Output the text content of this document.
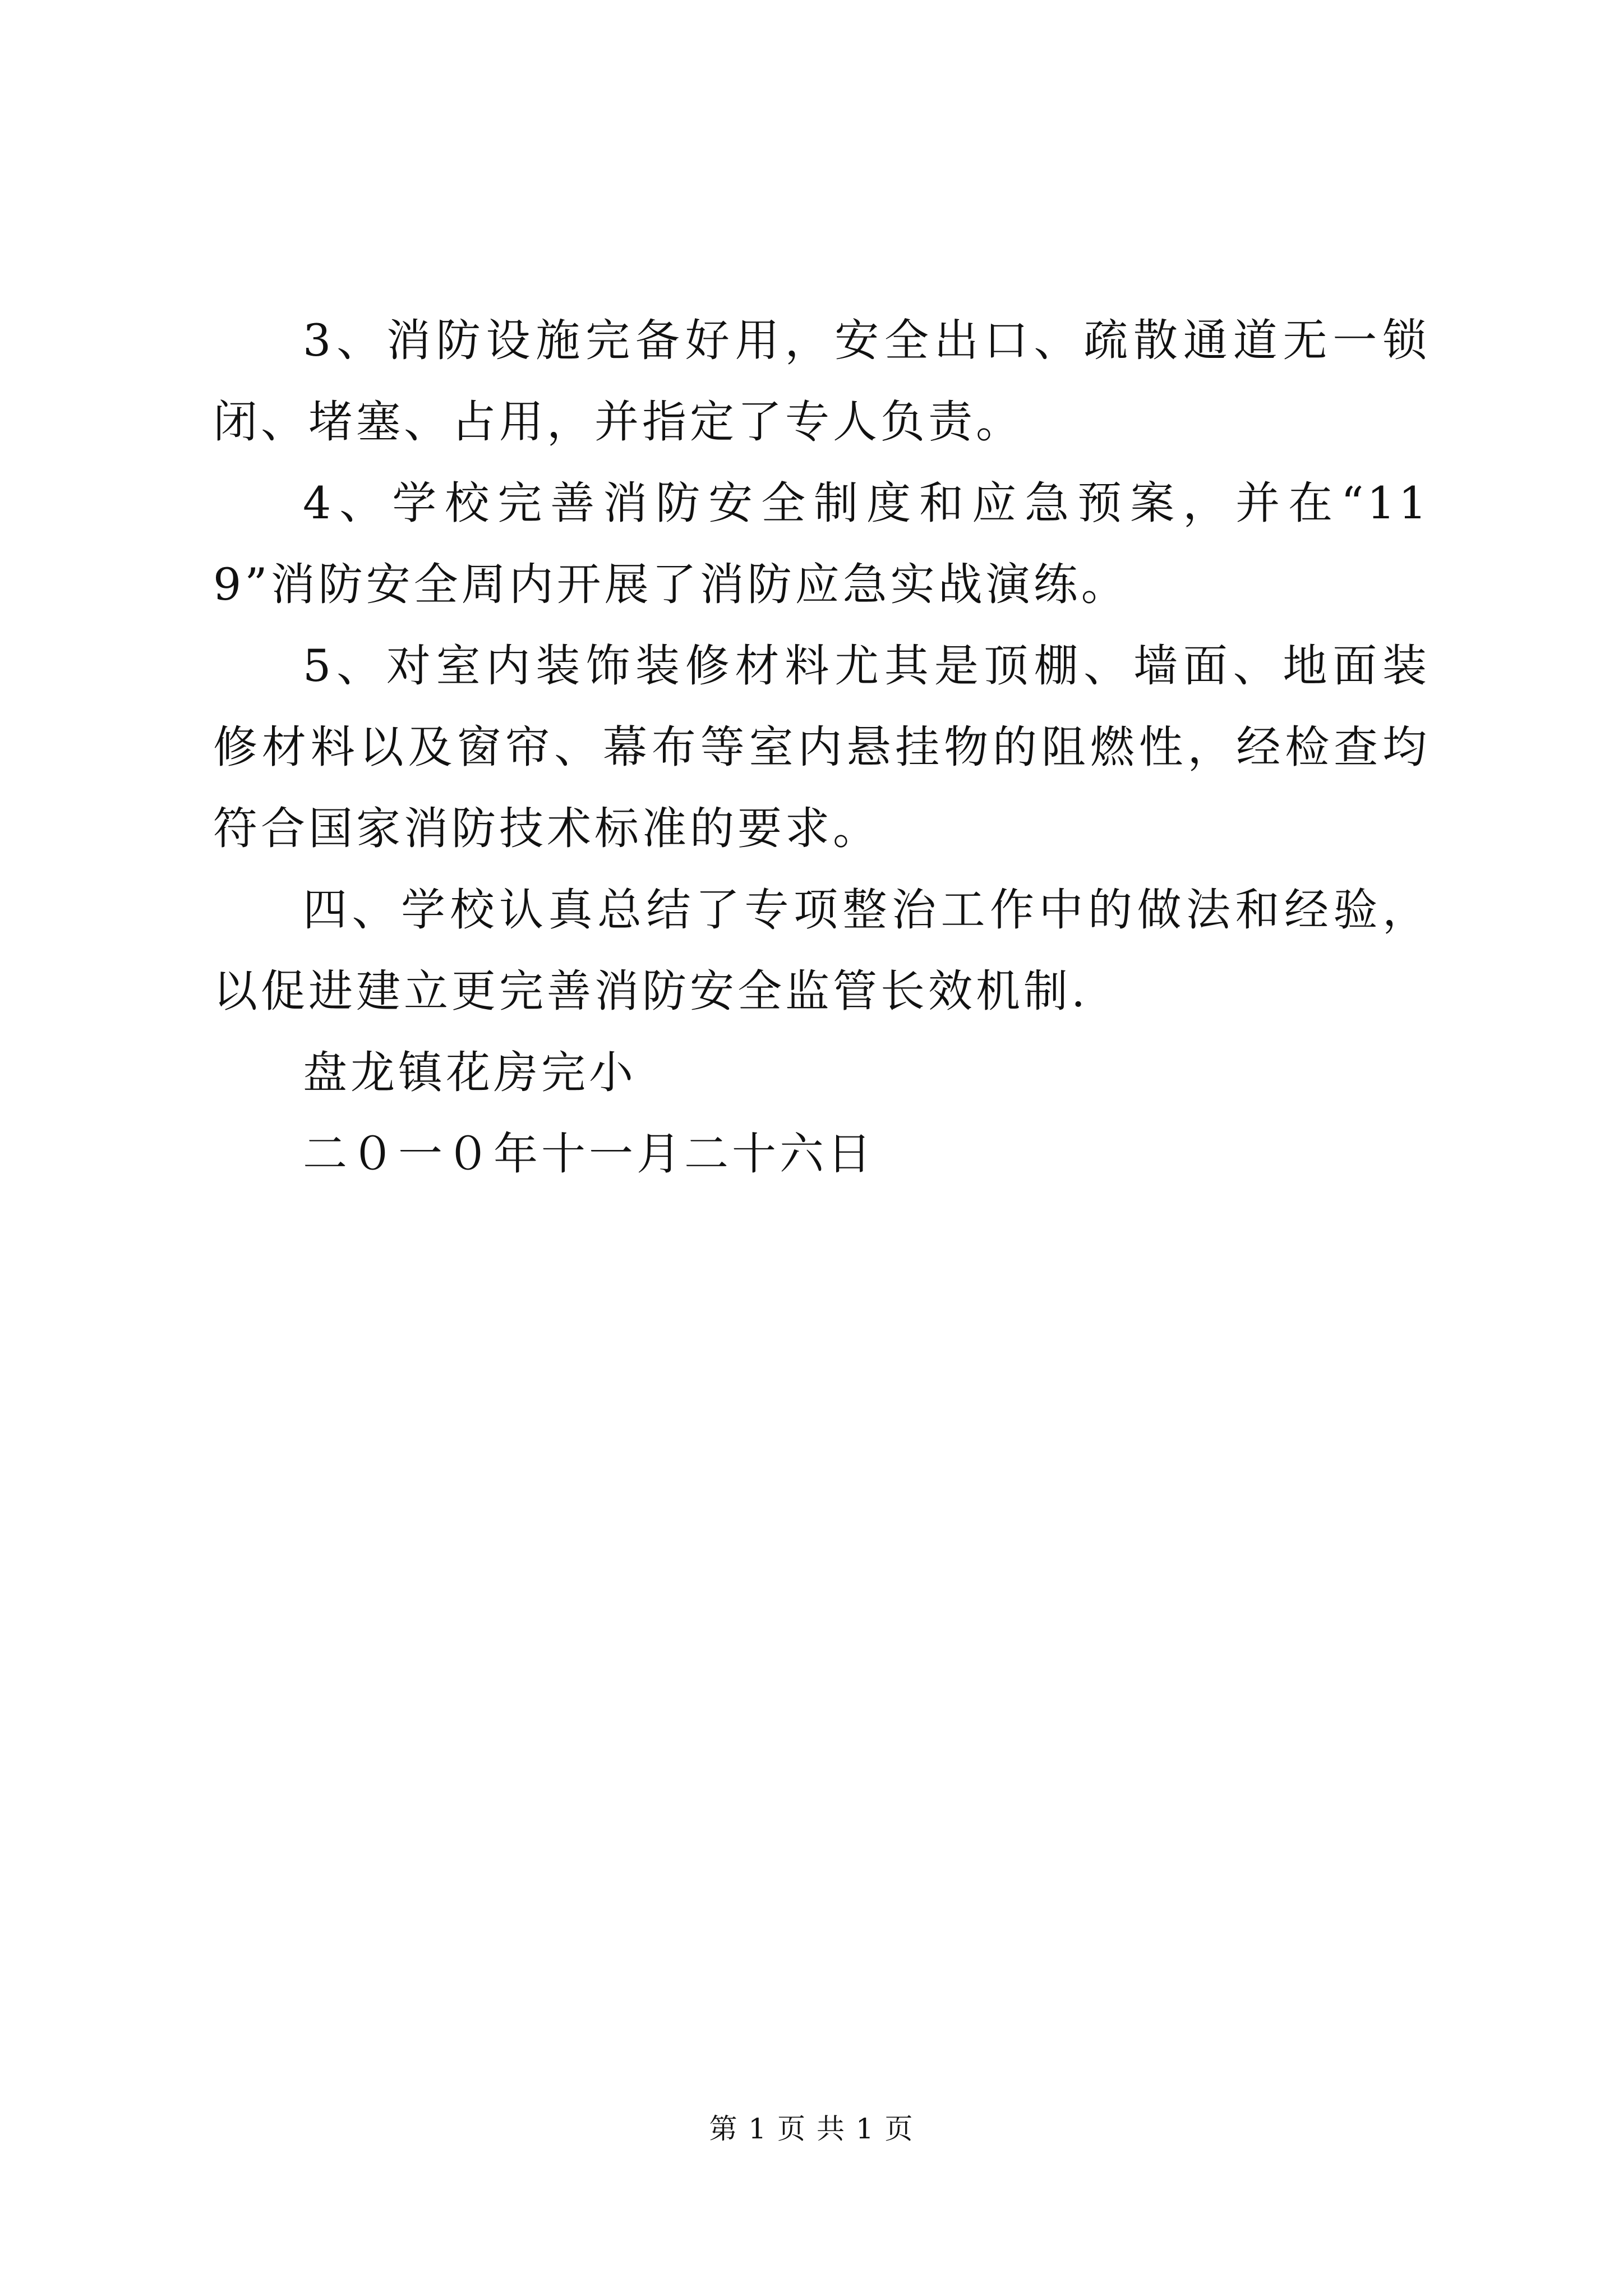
3、消防设施完备好用，安全出口、疏散通道无一锁闭、堵塞、占用，并指定了专人负责。

4、学校完善消防安全制度和应急预案，并在“119”消防安全周内开展了消防应急实战演练。

5、对室内装饰装修材料尤其是顶棚、墙面、地面装修材料以及窗帘、幕布等室内悬挂物的阻燃性，经检查均符合国家消防技术标准的要求。

四、学校认真总结了专项整治工作中的做法和经验，以促进建立更完善消防安全监管长效机制.

盘龙镇花房完小

二０一０年十一月二十六日

第 1 页 共 1 页
